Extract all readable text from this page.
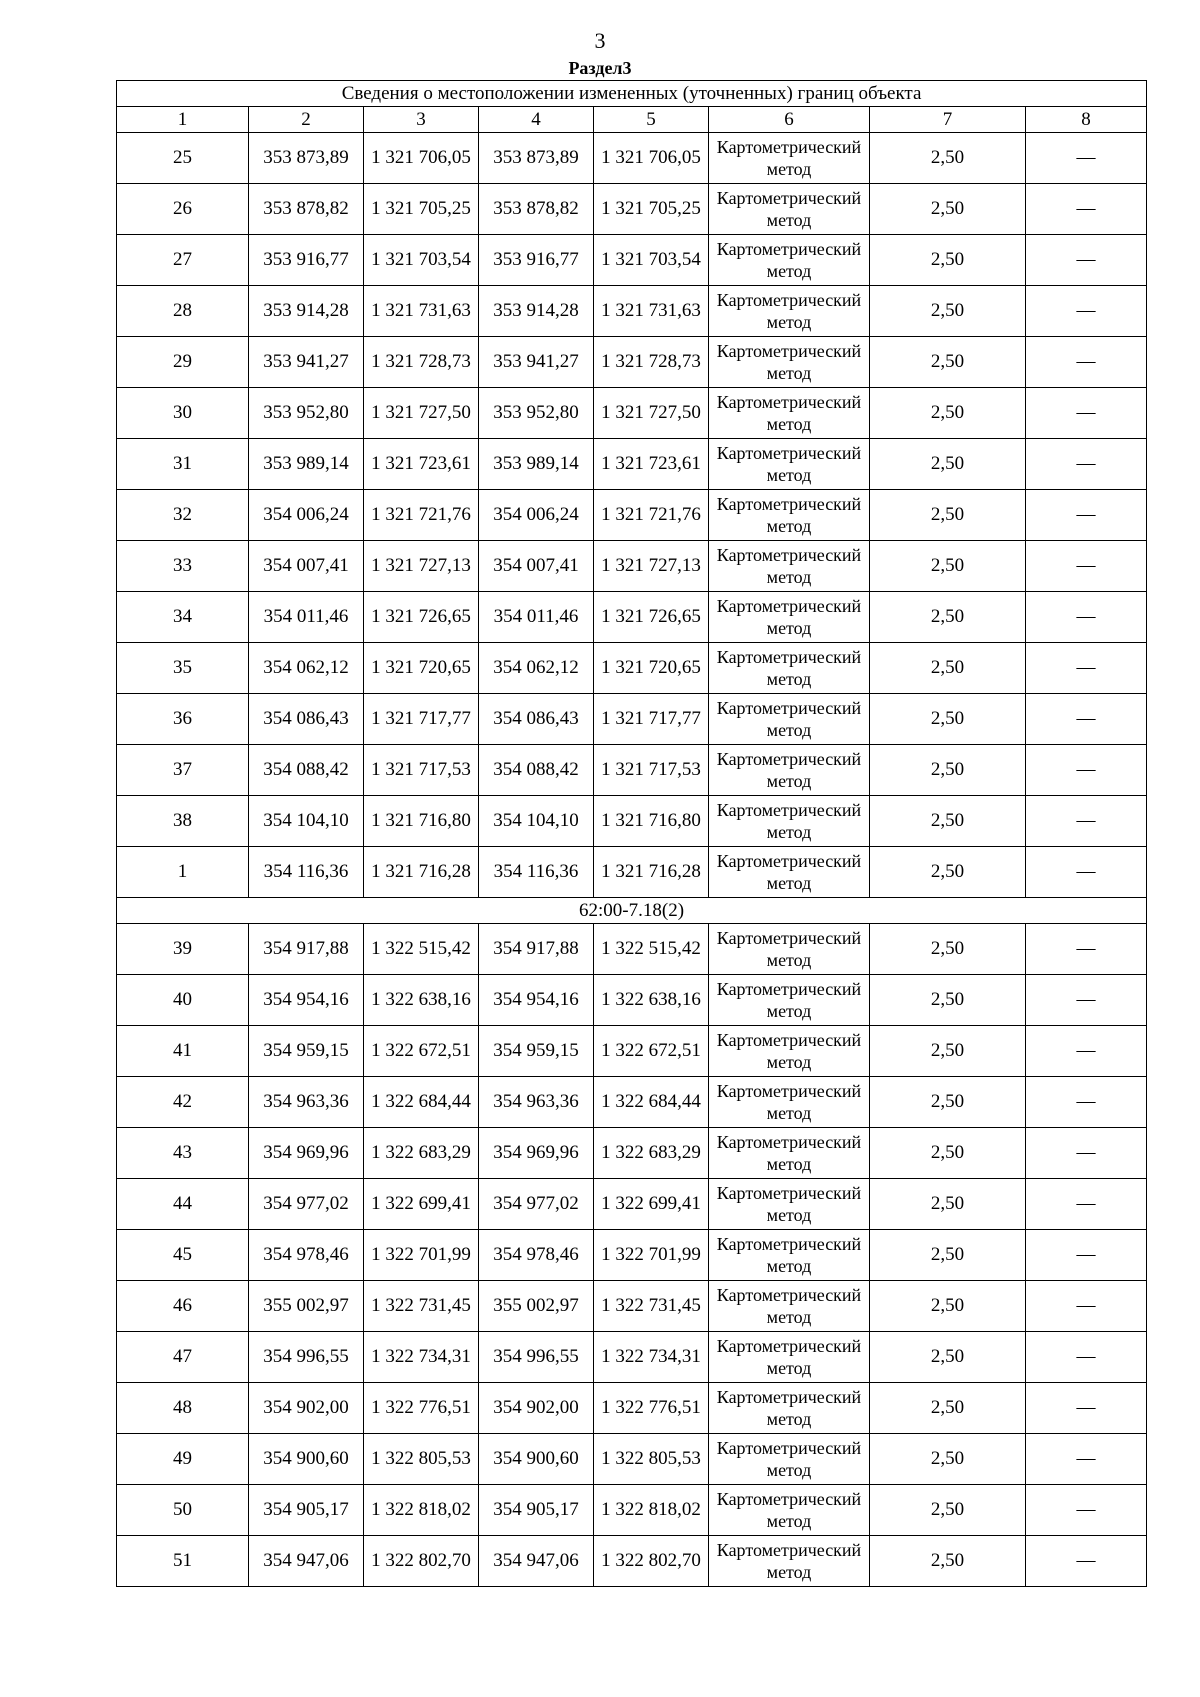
3
Раздел3
Сведения о местоположении измененных (уточненных) границ объекта							
1	2	3	4	5	6	7	8
25	353 873,89	1 321 706,05	353 873,89	1 321 706,05	Картометрический метод	2,50	—
26	353 878,82	1 321 705,25	353 878,82	1 321 705,25	Картометрический метод	2,50	—
27	353 916,77	1 321 703,54	353 916,77	1 321 703,54	Картометрический метод	2,50	—
28	353 914,28	1 321 731,63	353 914,28	1 321 731,63	Картометрический метод	2,50	—
29	353 941,27	1 321 728,73	353 941,27	1 321 728,73	Картометрический метод	2,50	—
30	353 952,80	1 321 727,50	353 952,80	1 321 727,50	Картометрический метод	2,50	—
31	353 989,14	1 321 723,61	353 989,14	1 321 723,61	Картометрический метод	2,50	—
32	354 006,24	1 321 721,76	354 006,24	1 321 721,76	Картометрический метод	2,50	—
33	354 007,41	1 321 727,13	354 007,41	1 321 727,13	Картометрический метод	2,50	—
34	354 011,46	1 321 726,65	354 011,46	1 321 726,65	Картометрический метод	2,50	—
35	354 062,12	1 321 720,65	354 062,12	1 321 720,65	Картометрический метод	2,50	—
36	354 086,43	1 321 717,77	354 086,43	1 321 717,77	Картометрический метод	2,50	—
37	354 088,42	1 321 717,53	354 088,42	1 321 717,53	Картометрический метод	2,50	—
38	354 104,10	1 321 716,80	354 104,10	1 321 716,80	Картометрический метод	2,50	—
1	354 116,36	1 321 716,28	354 116,36	1 321 716,28	Картометрический метод	2,50	—
62:00-7.18(2)							
39	354 917,88	1 322 515,42	354 917,88	1 322 515,42	Картометрический метод	2,50	—
40	354 954,16	1 322 638,16	354 954,16	1 322 638,16	Картометрический метод	2,50	—
41	354 959,15	1 322 672,51	354 959,15	1 322 672,51	Картометрический метод	2,50	—
42	354 963,36	1 322 684,44	354 963,36	1 322 684,44	Картометрический метод	2,50	—
43	354 969,96	1 322 683,29	354 969,96	1 322 683,29	Картометрический метод	2,50	—
44	354 977,02	1 322 699,41	354 977,02	1 322 699,41	Картометрический метод	2,50	—
45	354 978,46	1 322 701,99	354 978,46	1 322 701,99	Картометрический метод	2,50	—
46	355 002,97	1 322 731,45	355 002,97	1 322 731,45	Картометрический метод	2,50	—
47	354 996,55	1 322 734,31	354 996,55	1 322 734,31	Картометрический метод	2,50	—
48	354 902,00	1 322 776,51	354 902,00	1 322 776,51	Картометрический метод	2,50	—
49	354 900,60	1 322 805,53	354 900,60	1 322 805,53	Картометрический метод	2,50	—
50	354 905,17	1 322 818,02	354 905,17	1 322 818,02	Картометрический метод	2,50	—
51	354 947,06	1 322 802,70	354 947,06	1 322 802,70	Картометрический метод	2,50	—
